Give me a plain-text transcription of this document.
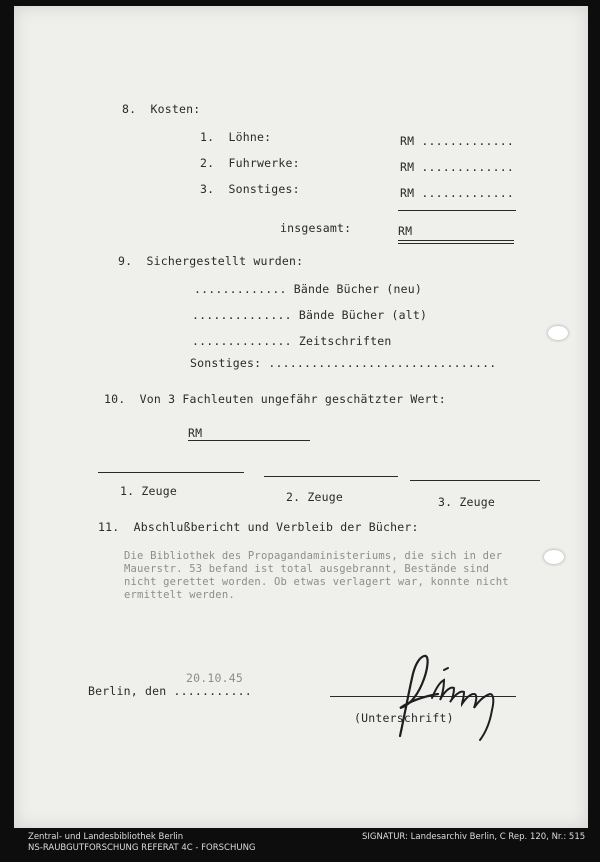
8.  Kosten:
1.  Löhne:	RM .............
2.  Fuhrwerke:	RM .............
3.  Sonstiges:	RM .............
insgesamt:	RM
9.  Sichergestellt wurden:
............. Bände Bücher (neu)
.............. Bände Bücher (alt)
.............. Zeitschriften
Sonstiges: ................................
10.  Von 3 Fachleuten ungefähr geschätzter Wert:
RM
1. Zeuge	2. Zeuge	3. Zeuge
11.  Abschlußbericht und Verbleib der Bücher:
Die Bibliothek des Propagandaministeriums, die sich in der
Mauerstr. 53 befand ist total ausgebrannt, Bestände sind
nicht gerettet worden. Ob etwas verlagert war, konnte nicht
ermittelt werden.
20.10.45
Berlin, den ...........
(Unterschrift)
Zentral- und Landesbibliothek Berlin
NS-RAUBGUTFORSCHUNG REFERAT 4C - FORSCHUNG
SIGNATUR: Landesarchiv Berlin, C Rep. 120, Nr.: 515
